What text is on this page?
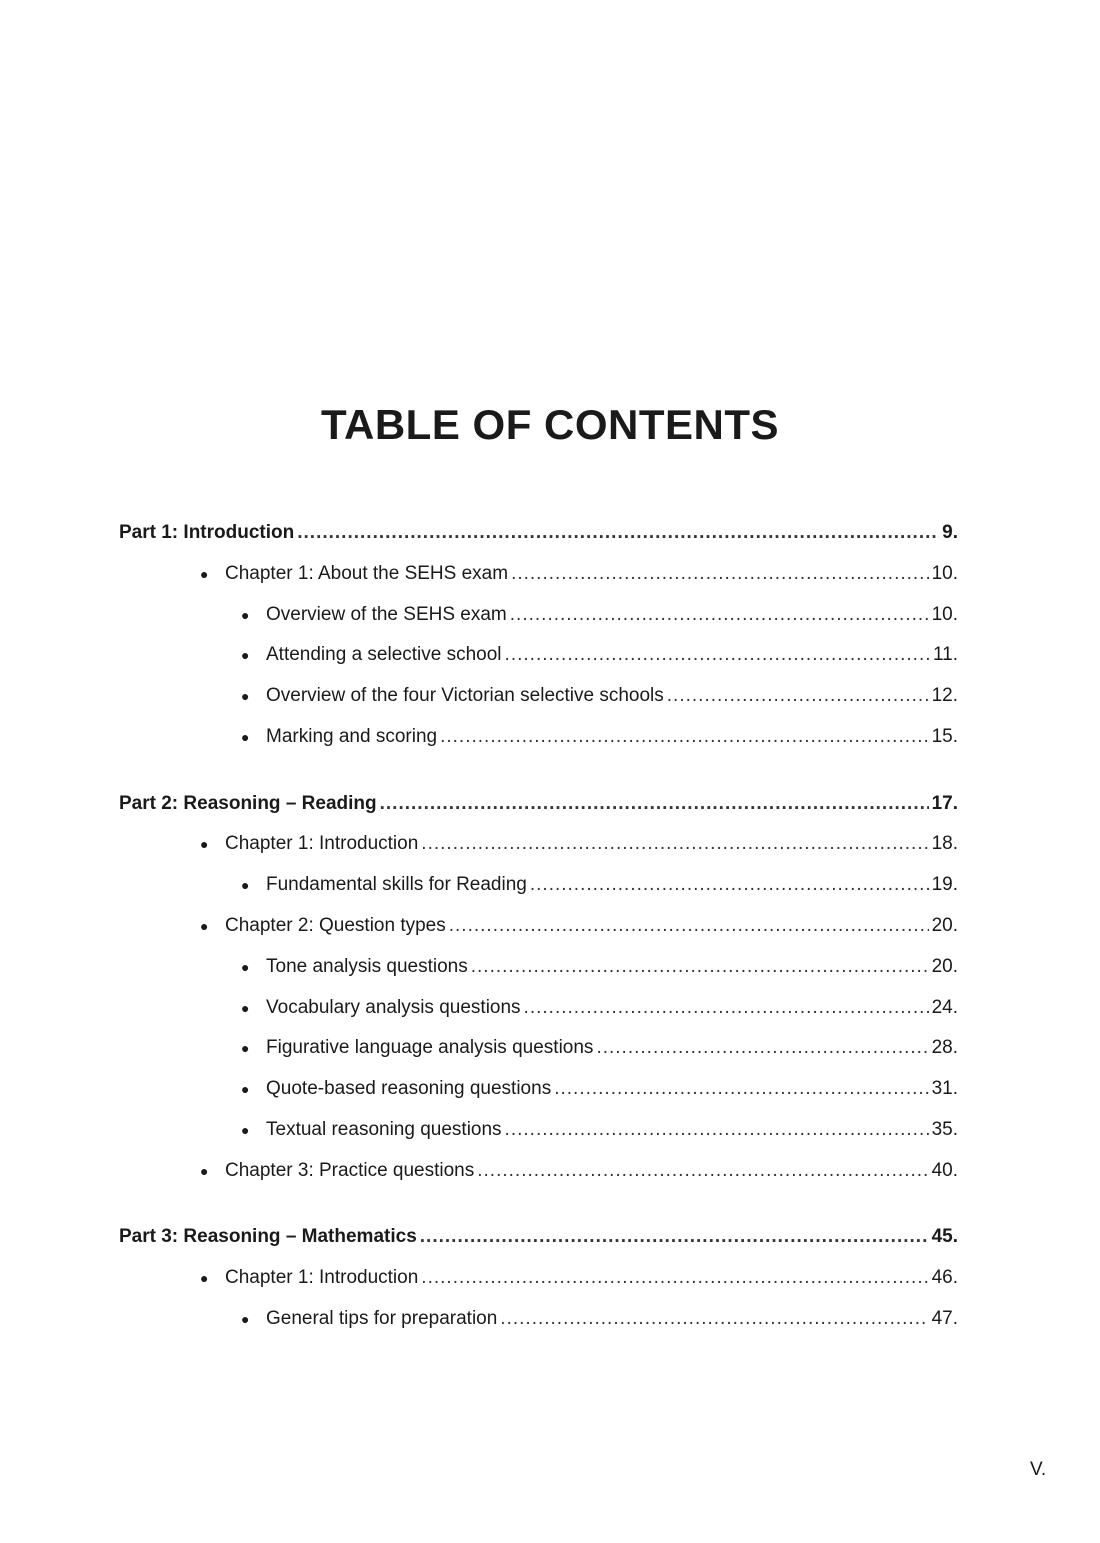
TABLE OF CONTENTS
Part 1: Introduction .....	9.
● Chapter 1: About the SEHS exam .....	10.
● Overview of the SEHS exam .....	10.
● Attending a selective school .....	11.
● Overview of the four Victorian selective schools .....	12.
● Marking and scoring .....	15.
Part 2: Reasoning – Reading .....	17.
● Chapter 1: Introduction .....	18.
● Fundamental skills for Reading .....	19.
● Chapter 2: Question types .....	20.
● Tone analysis questions .....	20.
● Vocabulary analysis questions .....	24.
● Figurative language analysis questions .....	28.
● Quote-based reasoning questions .....	31.
● Textual reasoning questions .....	35.
● Chapter 3: Practice questions .....	40.
Part 3: Reasoning – Mathematics .....	45.
● Chapter 1: Introduction .....	46.
● General tips for preparation .....	47.
V.
